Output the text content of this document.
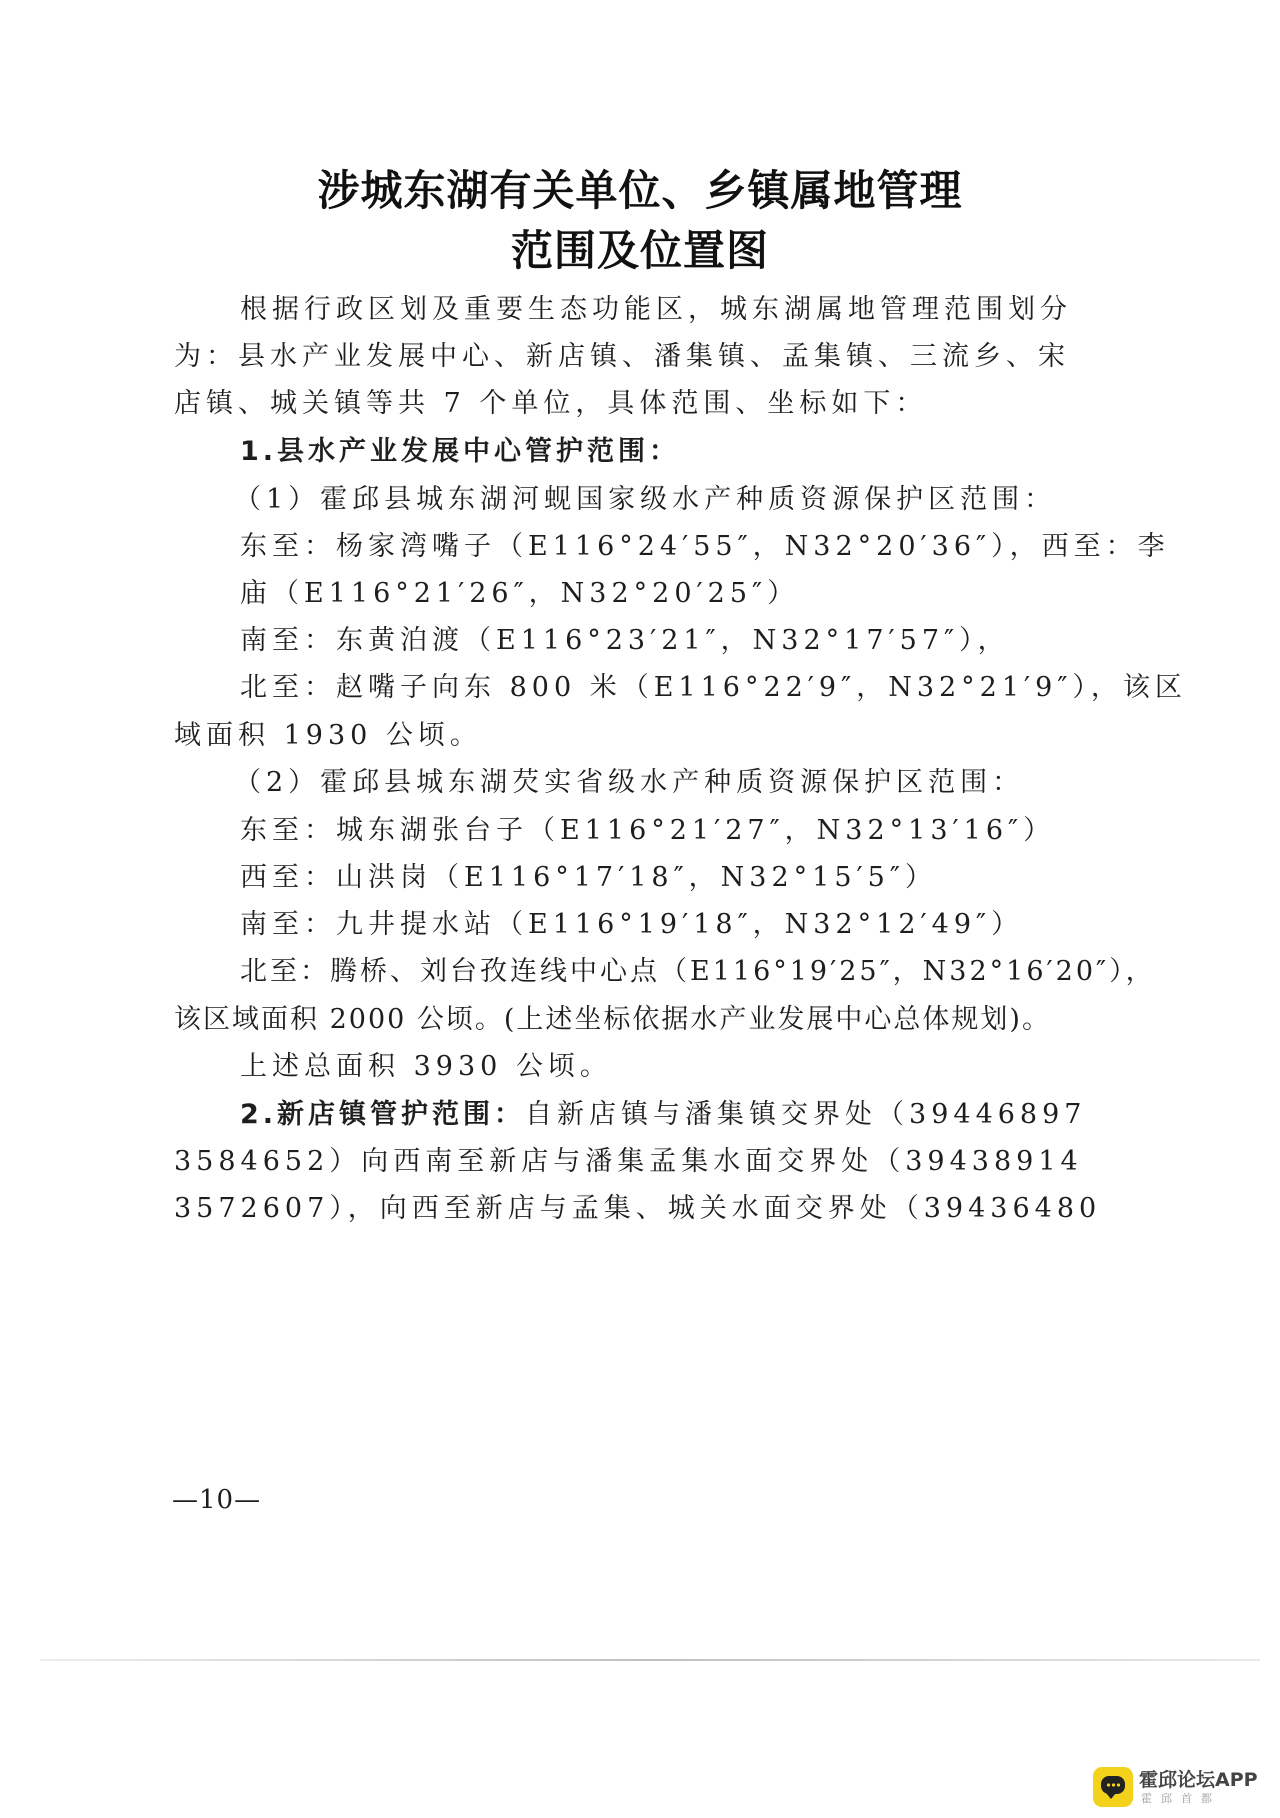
涉城东湖有关单位、乡镇属地管理
范围及位置图
根据行政区划及重要生态功能区，城东湖属地管理范围划分
为：县水产业发展中心、新店镇、潘集镇、孟集镇、三流乡、宋
店镇、城关镇等共 7 个单位，具体范围、坐标如下：
1.县水产业发展中心管护范围：
（1）霍邱县城东湖河蚬国家级水产种质资源保护区范围：
东至：杨家湾嘴子（E116°24′55″，N32°20′36″），西至：李
庙（E116°21′26″，N32°20′25″）
南至：东黄泊渡（E116°23′21″，N32°17′57″），
北至：赵嘴子向东 800 米（E116°22′9″，N32°21′9″），该区
域面积 1930 公顷。
（2）霍邱县城东湖芡实省级水产种质资源保护区范围：
东至：城东湖张台子（E116°21′27″，N32°13′16″）
西至：山洪岗（E116°17′18″，N32°15′5″）
南至：九井提水站（E116°19′18″，N32°12′49″）
北至：腾桥、刘台孜连线中心点（E116°19′25″，N32°16′20″），
该区域面积 2000 公顷。(上述坐标依据水产业发展中心总体规划)。
上述总面积 3930 公顷。
2.新店镇管护范围：自新店镇与潘集镇交界处（39446897
3584652）向西南至新店与潘集孟集水面交界处（39438914
3572607），向西至新店与孟集、城关水面交界处（39436480
—10—
霍邱论坛APP
霍邱首都
